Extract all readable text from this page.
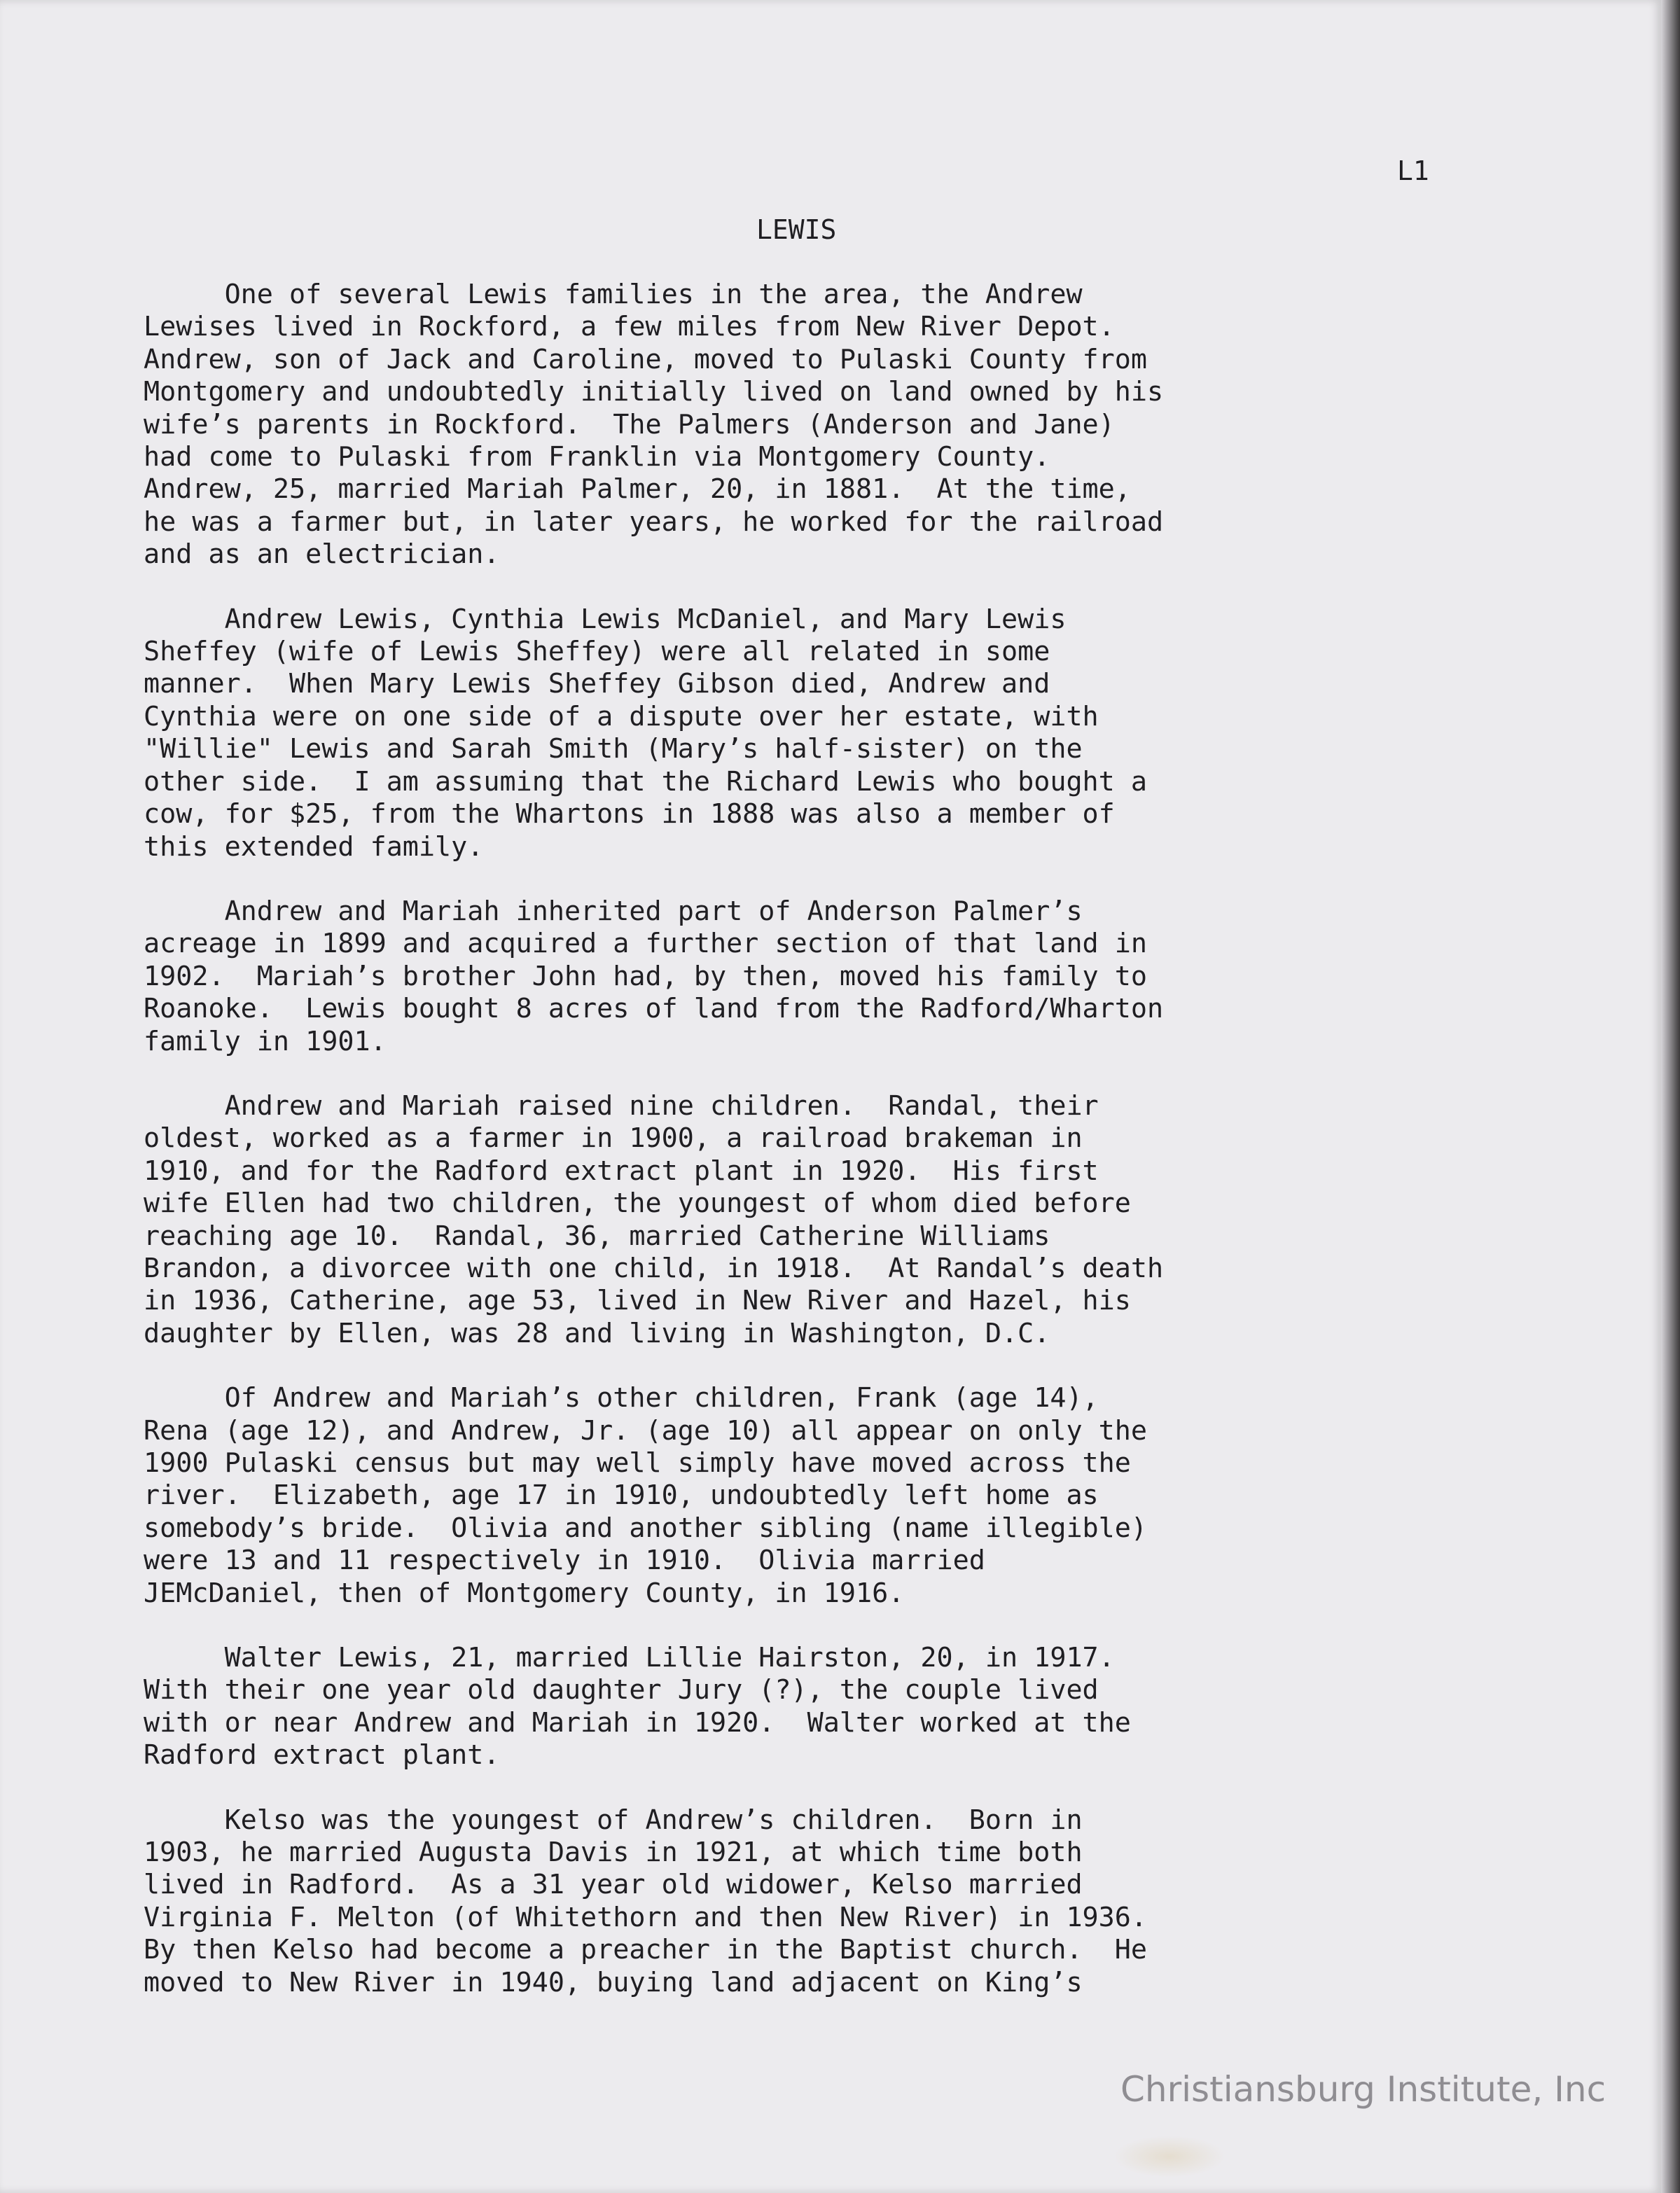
L1
LEWIS

One of several Lewis families in the area, the Andrew
Lewises lived in Rockford, a few miles from New River Depot.
Andrew, son of Jack and Caroline, moved to Pulaski County from
Montgomery and undoubtedly initially lived on land owned by his
wife’s parents in Rockford.  The Palmers (Anderson and Jane)
had come to Pulaski from Franklin via Montgomery County.
Andrew, 25, married Mariah Palmer, 20, in 1881.  At the time,
he was a farmer but, in later years, he worked for the railroad
and as an electrician.

Andrew Lewis, Cynthia Lewis McDaniel, and Mary Lewis
Sheffey (wife of Lewis Sheffey) were all related in some
manner.  When Mary Lewis Sheffey Gibson died, Andrew and
Cynthia were on one side of a dispute over her estate, with
"Willie" Lewis and Sarah Smith (Mary’s half-sister) on the
other side.  I am assuming that the Richard Lewis who bought a
cow, for $25, from the Whartons in 1888 was also a member of
this extended family.

Andrew and Mariah inherited part of Anderson Palmer’s
acreage in 1899 and acquired a further section of that land in
1902.  Mariah’s brother John had, by then, moved his family to
Roanoke.  Lewis bought 8 acres of land from the Radford/Wharton
family in 1901.

Andrew and Mariah raised nine children.  Randal, their
oldest, worked as a farmer in 1900, a railroad brakeman in
1910, and for the Radford extract plant in 1920.  His first
wife Ellen had two children, the youngest of whom died before
reaching age 10.  Randal, 36, married Catherine Williams
Brandon, a divorcee with one child, in 1918.  At Randal’s death
in 1936, Catherine, age 53, lived in New River and Hazel, his
daughter by Ellen, was 28 and living in Washington, D.C.

Of Andrew and Mariah’s other children, Frank (age 14),
Rena (age 12), and Andrew, Jr. (age 10) all appear on only the
1900 Pulaski census but may well simply have moved across the
river.  Elizabeth, age 17 in 1910, undoubtedly left home as
somebody’s bride.  Olivia and another sibling (name illegible)
were 13 and 11 respectively in 1910.  Olivia married
JEMcDaniel, then of Montgomery County, in 1916.

Walter Lewis, 21, married Lillie Hairston, 20, in 1917.
With their one year old daughter Jury (?), the couple lived
with or near Andrew and Mariah in 1920.  Walter worked at the
Radford extract plant.

Kelso was the youngest of Andrew’s children.  Born in
1903, he married Augusta Davis in 1921, at which time both
lived in Radford.  As a 31 year old widower, Kelso married
Virginia F. Melton (of Whitethorn and then New River) in 1936.
By then Kelso had become a preacher in the Baptist church.  He
moved to New River in 1940, buying land adjacent on King’s

Christiansburg Institute, Inc
